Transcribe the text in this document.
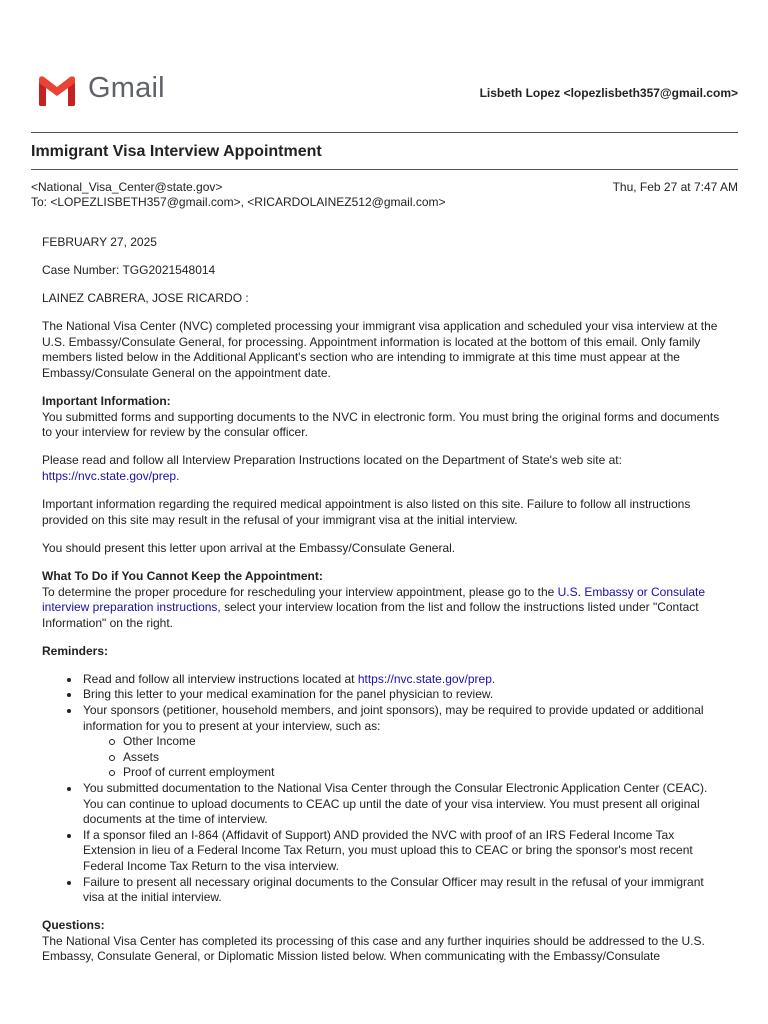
Gmail	Lisbeth Lopez <lopezlisbeth357@gmail.com>
Immigrant Visa Interview Appointment
<National_Visa_Center@state.gov>	Thu, Feb 27 at 7:47 AM
To: <LOPEZLISBETH357@gmail.com>, <RICARDOLAINEZ512@gmail.com>

FEBRUARY 27, 2025

Case Number: TGG2021548014

LAINEZ CABRERA, JOSE RICARDO :

The National Visa Center (NVC) completed processing your immigrant visa application and scheduled your visa interview at the U.S. Embassy/Consulate General, for processing. Appointment information is located at the bottom of this email. Only family members listed below in the Additional Applicant's section who are intending to immigrate at this time must appear at the Embassy/Consulate General on the appointment date.

Important Information:
You submitted forms and supporting documents to the NVC in electronic form. You must bring the original forms and documents to your interview for review by the consular officer.

Please read and follow all Interview Preparation Instructions located on the Department of State's web site at:
https://nvc.state.gov/prep.

Important information regarding the required medical appointment is also listed on this site. Failure to follow all instructions provided on this site may result in the refusal of your immigrant visa at the initial interview.

You should present this letter upon arrival at the Embassy/Consulate General.

What To Do if You Cannot Keep the Appointment:
To determine the proper procedure for rescheduling your interview appointment, please go to the U.S. Embassy or Consulate interview preparation instructions, select your interview location from the list and follow the instructions listed under "Contact Information" on the right.

Reminders:

Read and follow all interview instructions located at https://nvc.state.gov/prep.
Bring this letter to your medical examination for the panel physician to review.
Your sponsors (petitioner, household members, and joint sponsors), may be required to provide updated or additional information for you to present at your interview, such as:
Other Income
Assets
Proof of current employment
You submitted documentation to the National Visa Center through the Consular Electronic Application Center (CEAC). You can continue to upload documents to CEAC up until the date of your visa interview. You must present all original documents at the time of interview.
If a sponsor filed an I-864 (Affidavit of Support) AND provided the NVC with proof of an IRS Federal Income Tax Extension in lieu of a Federal Income Tax Return, you must upload this to CEAC or bring the sponsor's most recent Federal Income Tax Return to the visa interview.
Failure to present all necessary original documents to the Consular Officer may result in the refusal of your immigrant visa at the initial interview.

Questions:
The National Visa Center has completed its processing of this case and any further inquiries should be addressed to the U.S. Embassy, Consulate General, or Diplomatic Mission listed below. When communicating with the Embassy/Consulate
